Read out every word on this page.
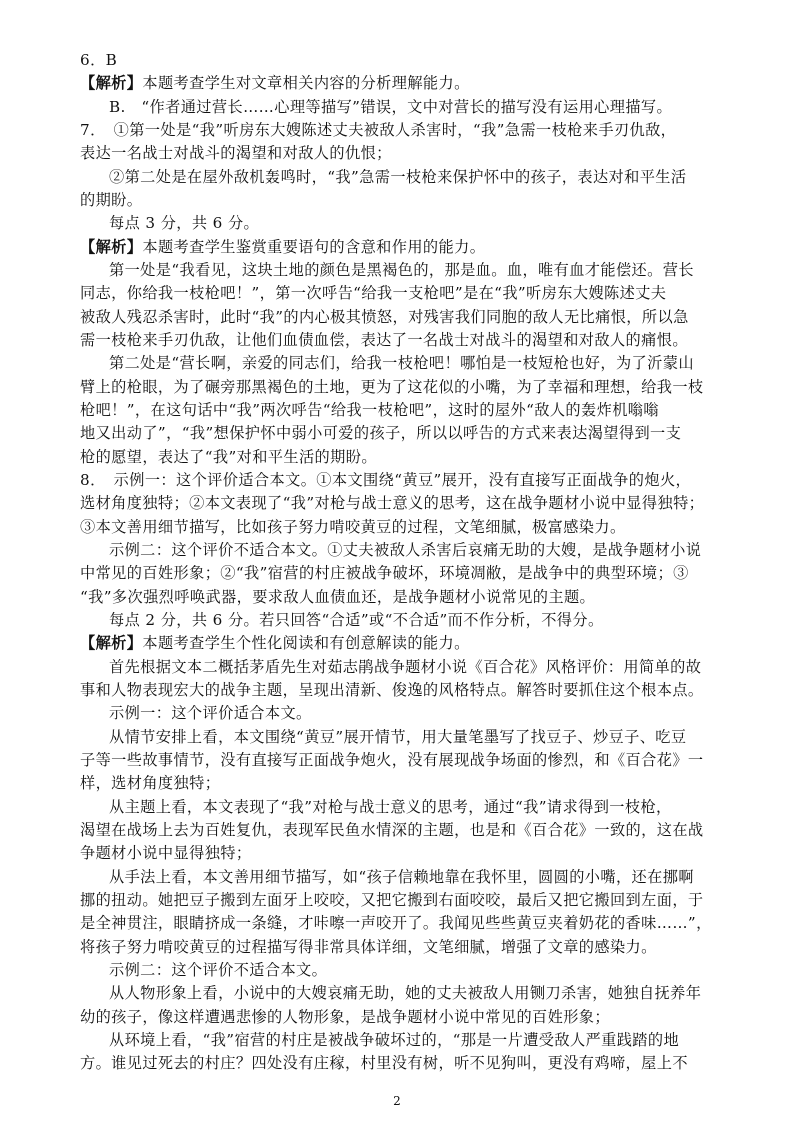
6．B
【解析】本题考查学生对文章相关内容的分析理解能力。
B.　“作者通过营长……心理等描写”错误，文中对营长的描写没有运用心理描写。
7．　①第一处是“我”听房东大嫂陈述丈夫被敌人杀害时，“我”急需一枝枪来手刃仇敌，
表达一名战士对战斗的渴望和对敌人的仇恨；
②第二处是在屋外敌机轰鸣时，“我”急需一枝枪来保护怀中的孩子，表达对和平生活
的期盼。
每点 3 分，共 6 分。
【解析】本题考查学生鉴赏重要语句的含意和作用的能力。
第一处是“我看见，这块土地的颜色是黑褐色的，那是血。血，唯有血才能偿还。营长
同志，你给我一枝枪吧！”，第一次呼告“给我一支枪吧”是在“我”听房东大嫂陈述丈夫
被敌人残忍杀害时，此时“我”的内心极其愤怒，对残害我们同胞的敌人无比痛恨，所以急
需一枝枪来手刃仇敌，让他们血债血偿，表达了一名战士对战斗的渴望和对敌人的痛恨。
第二处是“营长啊，亲爱的同志们，给我一枝枪吧！哪怕是一枝短枪也好，为了沂蒙山
臂上的枪眼，为了碾旁那黑褐色的土地，更为了这花似的小嘴，为了幸福和理想，给我一枝
枪吧！”，在这句话中“我”两次呼告“给我一枝枪吧”，这时的屋外“敌人的轰炸机嗡嗡
地又出动了”，“我”想保护怀中弱小可爱的孩子，所以以呼告的方式来表达渴望得到一支
枪的愿望，表达了“我”对和平生活的期盼。
8．　示例一：这个评价适合本文。①本文围绕“黄豆”展开，没有直接写正面战争的炮火，
选材角度独特；②本文表现了“我”对枪与战士意义的思考，这在战争题材小说中显得独特；
③本文善用细节描写，比如孩子努力啃咬黄豆的过程，文笔细腻，极富感染力。
示例二：这个评价不适合本文。①丈夫被敌人杀害后哀痛无助的大嫂，是战争题材小说
中常见的百姓形象；②“我”宿营的村庄被战争破坏，环境凋敝，是战争中的典型环境；③
“我”多次强烈呼唤武器，要求敌人血债血还，是战争题材小说常见的主题。
每点 2 分，共 6 分。若只回答“合适”或“不合适”而不作分析，不得分。
【解析】本题考查学生个性化阅读和有创意解读的能力。
首先根据文本二概括茅盾先生对茹志鹃战争题材小说《百合花》风格评价：用简单的故
事和人物表现宏大的战争主题，呈现出清新、俊逸的风格特点。解答时要抓住这个根本点。
示例一：这个评价适合本文。
从情节安排上看，本文围绕“黄豆”展开情节，用大量笔墨写了找豆子、炒豆子、吃豆
子等一些故事情节，没有直接写正面战争炮火，没有展现战争场面的惨烈，和《百合花》一
样，选材角度独特；
从主题上看，本文表现了“我”对枪与战士意义的思考，通过“我”请求得到一枝枪，
渴望在战场上去为百姓复仇，表现军民鱼水情深的主题，也是和《百合花》一致的，这在战
争题材小说中显得独特；
从手法上看，本文善用细节描写，如“孩子信赖地靠在我怀里，圆圆的小嘴，还在挪啊
挪的扭动。她把豆子搬到左面牙上咬咬，又把它搬到右面咬咬，最后又把它搬回到左面，于
是全神贯注，眼睛挤成一条缝，才咔嚓一声咬开了。我闻见些些黄豆夹着奶花的香味……”，
将孩子努力啃咬黄豆的过程描写得非常具体详细，文笔细腻，增强了文章的感染力。
示例二：这个评价不适合本文。
从人物形象上看，小说中的大嫂哀痛无助，她的丈夫被敌人用铡刀杀害，她独自抚养年
幼的孩子，像这样遭遇悲惨的人物形象，是战争题材小说中常见的百姓形象；
从环境上看，“我”宿营的村庄是被战争破坏过的，“那是一片遭受敌人严重践踏的地
方。谁见过死去的村庄？四处没有庄稼，村里没有树，听不见狗叫，更没有鸡啼，屋上不
2
